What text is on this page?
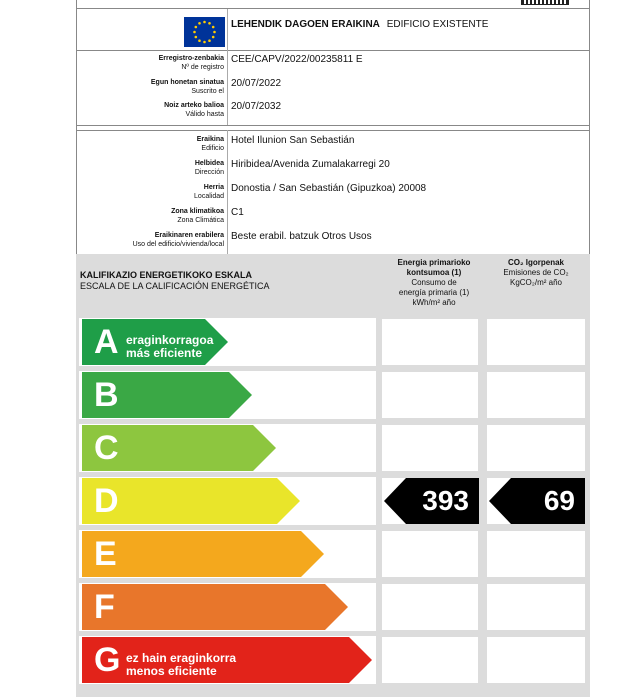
LEHENDIK DAGOEN ERAIKINA EDIFICIO EXISTENTE
Erregistro-zenbakia
Nº de registro
CEE/CAPV/2022/00235811 E
Egun honetan sinatua
Suscrito el
20/07/2022
Noiz arteko balioa
Válido hasta
20/07/2032
Eraikina
Edificio
Hotel Ilunion San Sebastián
Helbidea
Dirección
Hiribidea/Avenida Zumalakarregi 20
Herria
Localidad
Donostia / San Sebastián (Gipuzkoa) 20008
Zona klimatikoa
Zona Climática
C1
Eraikinaren erabilera
Uso del edificio/vivienda/local
Beste erabil. batzuk Otros Usos
KALIFIKAZIO ENERGETIKOKO ESKALA
ESCALA DE LA CALIFICACIÓN ENERGÉTICA
Energia primarioko
kontsumoa (1)
Consumo de
energía primaria (1)
kWh/m² año
CO₂ Igorpenak
Emisiones de CO₂
KgCO₂/m² año
A eraginkorragoa
más eficiente
B
C
D
E
F
G ez hain eraginkorra
menos eficiente
393	69
